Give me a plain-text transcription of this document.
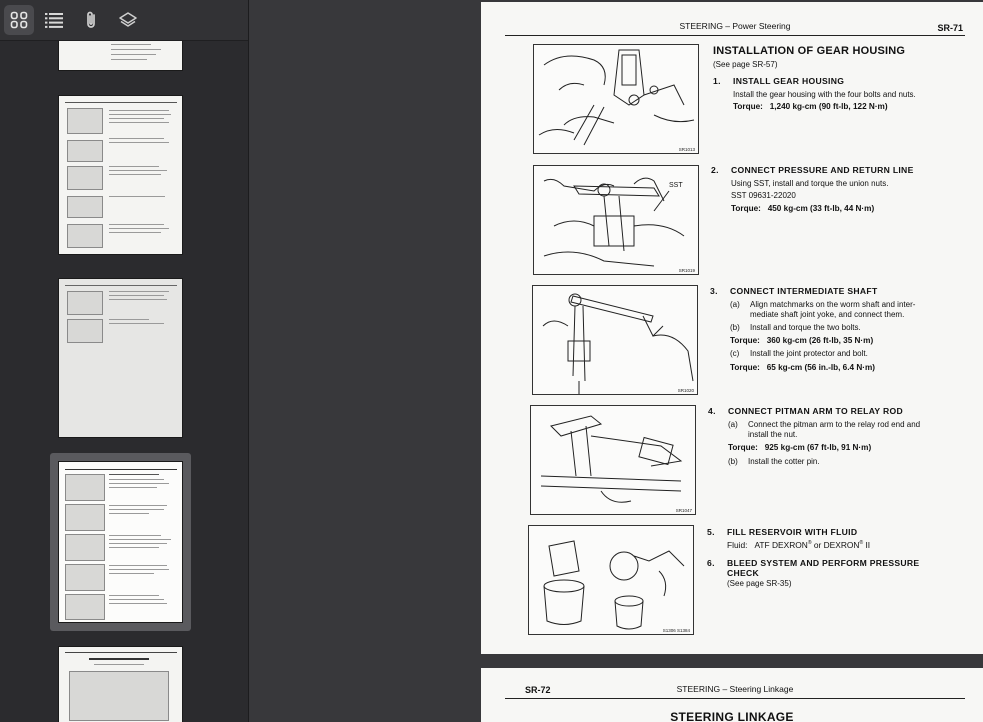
STEERING – Power Steering	SR-71
SR1013
INSTALLATION OF GEAR HOUSING
(See page SR-57)
1. INSTALL GEAR HOUSING
Install the gear housing with the four bolts and nuts.
Torque: 1,240 kg-cm (90 ft-lb, 122 N·m)
SST
SR1019
2. CONNECT PRESSURE AND RETURN LINE
Using SST, install and torque the union nuts.
SST 09631-22020
Torque: 450 kg-cm (33 ft-lb, 44 N·m)
SR1020
3. CONNECT INTERMEDIATE SHAFT
(a) Align matchmarks on the worm shaft and inter-
mediate shaft joint yoke, and connect them.
(b) Install and torque the two bolts.
Torque: 360 kg-cm (26 ft-lb, 35 N·m)
(c) Install the joint protector and bolt.
Torque: 65 kg-cm (56 in.-lb, 6.4 N·m)
SR1047
4. CONNECT PITMAN ARM TO RELAY ROD
(a) Connect the pitman arm to the relay rod end and
install the nut.
Torque: 925 kg-cm (67 ft-lb, 91 N·m)
(b) Install the cotter pin.
S1306 S1384
5. FILL RESERVOIR WITH FLUID
Fluid: ATF DEXRON® or DEXRON® II
6. BLEED SYSTEM AND PERFORM PRESSURE
CHECK
(See page SR-35)
SR-72	STEERING – Steering Linkage
STEERING LINKAGE
